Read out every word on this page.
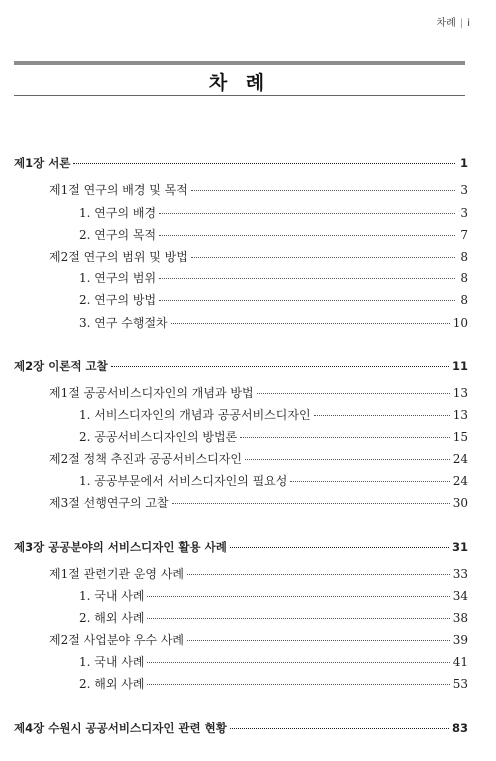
차례 | i
차 례
제1장 서론	1
제1절 연구의 배경 및 목적	3
1. 연구의 배경	3
2. 연구의 목적	7
제2절 연구의 범위 및 방법	8
1. 연구의 범위	8
2. 연구의 방법	8
3. 연구 수행절차	10
제2장 이론적 고찰	11
제1절 공공서비스디자인의 개념과 방법	13
1. 서비스디자인의 개념과 공공서비스디자인	13
2. 공공서비스디자인의 방법론	15
제2절 정책 추진과 공공서비스디자인	24
1. 공공부문에서 서비스디자인의 필요성	24
제3절 선행연구의 고찰	30
제3장 공공분야의 서비스디자인 활용 사례	31
제1절 관련기관 운영 사례	33
1. 국내 사례	34
2. 해외 사례	38
제2절 사업분야 우수 사례	39
1. 국내 사례	41
2. 해외 사례	53
제4장 수원시 공공서비스디자인 관련 현황	83
